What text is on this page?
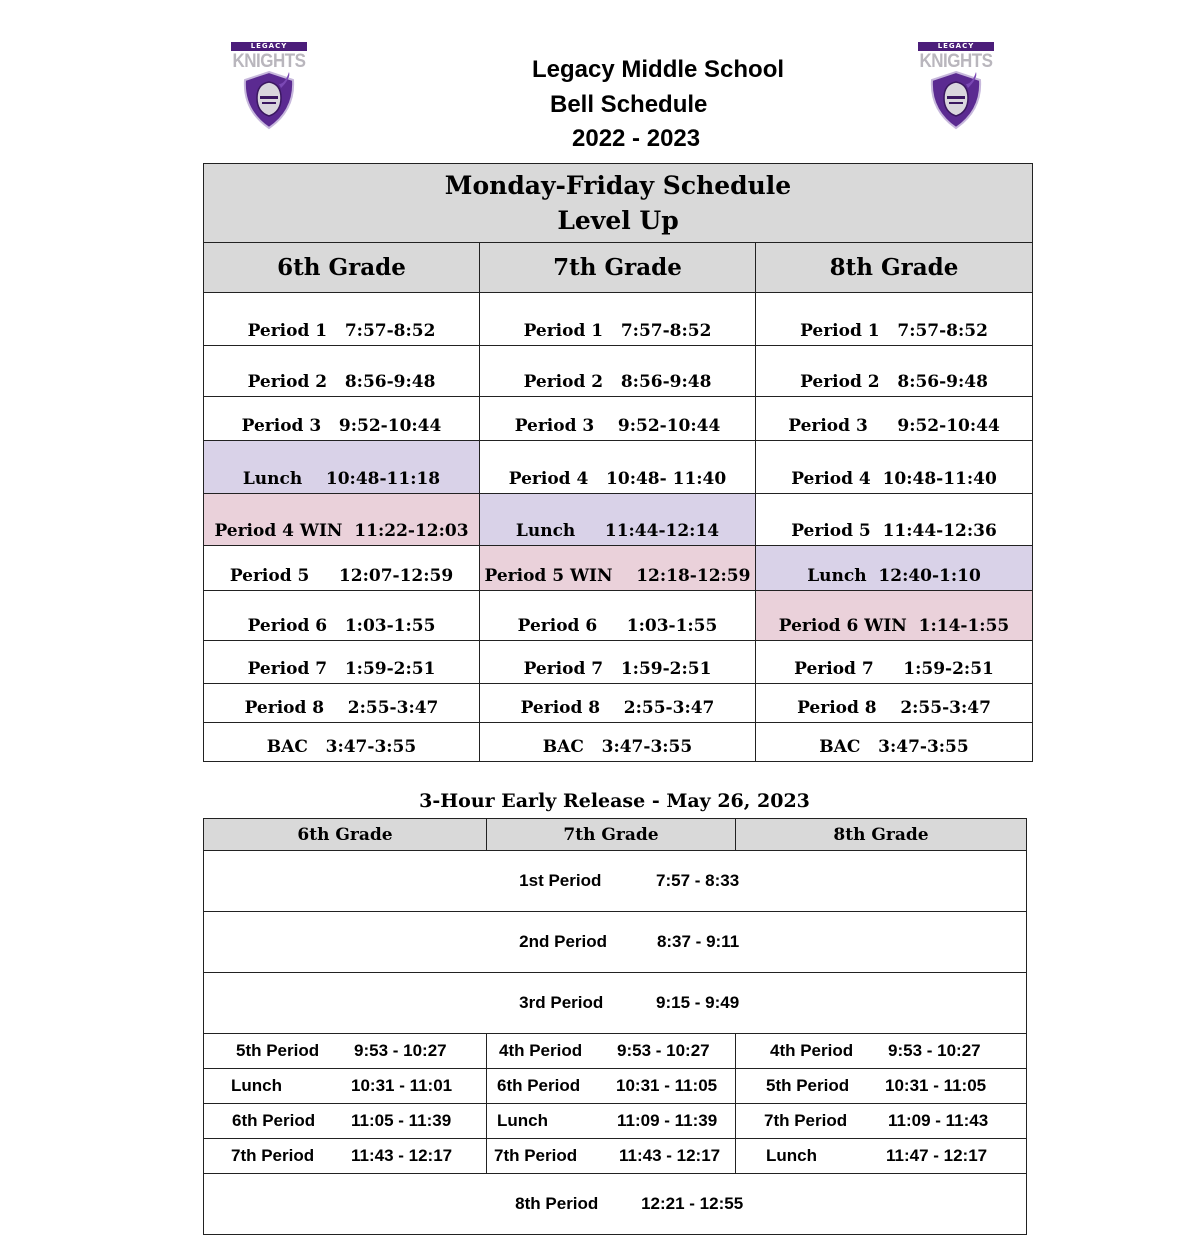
LEGACY
KNIGHTS
LEGACY
KNIGHTS
Legacy Middle School
Bell Schedule
2022 - 2023
Monday-Friday Schedule
Level Up		

6th Grade	7th Grade	8th Grade
Period 1   7:57-8:52	Period 1   7:57-8:52	Period 1   7:57-8:52
Period 2   8:56-9:48	Period 2   8:56-9:48	Period 2   8:56-9:48
Period 3   9:52-10:44	Period 3    9:52-10:44	Period 3     9:52-10:44
Lunch    10:48-11:18	Period 4   10:48- 11:40	Period 4  10:48-11:40
Period 4 WIN  11:22-12:03	Lunch     11:44-12:14	Period 5  11:44-12:36
Period 5     12:07-12:59	Period 5 WIN    12:18-12:59	Lunch  12:40-1:10
Period 6   1:03-1:55	Period 6     1:03-1:55	Period 6 WIN  1:14-1:55
Period 7   1:59-2:51	Period 7   1:59-2:51	Period 7     1:59-2:51
Period 8    2:55-3:47	Period 8    2:55-3:47	Period 8    2:55-3:47
BAC   3:47-3:55	BAC   3:47-3:55	BAC   3:47-3:55
3-Hour Early Release - May 26, 2023
6th Grade	7th Grade	8th Grade

1st Period 7:57 - 8:33		

2nd Period 8:37 - 9:11		

3rd Period 9:15 - 9:49		

5th Period 9:53 - 10:27	4th Period 9:53 - 10:27	4th Period 9:53 - 10:27
Lunch 10:31 - 11:01	6th Period 10:31 - 11:05	5th Period 10:31 - 11:05
6th Period 11:05 - 11:39	Lunch 11:09 - 11:39	7th Period 11:09 - 11:43
7th Period 11:43 - 12:17	7th Period 11:43 - 12:17	Lunch 11:47 - 12:17

8th Period 12:21 - 12:55		
